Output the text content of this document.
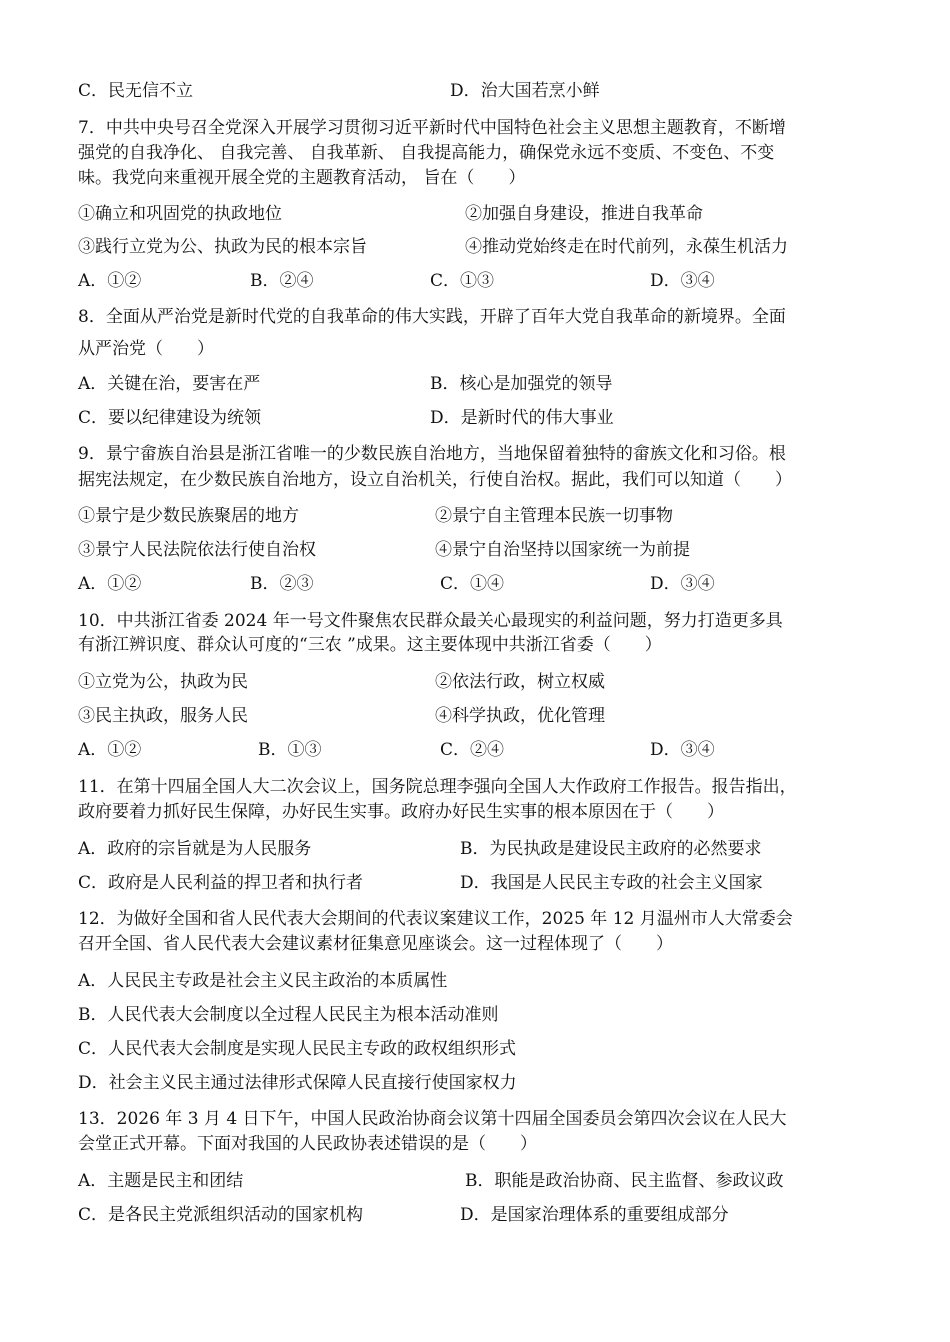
C．民无信不立	D．治大国若烹小鲜
7．中共中央号召全党深入开展学习贯彻习近平新时代中国特色社会主义思想主题教育，不断增
强党的自我净化、 自我完善、 自我革新、 自我提高能力，确保党永远不变质、不变色、不变
味。我党向来重视开展全党的主题教育活动， 旨在（　　）
①确立和巩固党的执政地位	②加强自身建设，推进自我革命
③践行立党为公、执政为民的根本宗旨	④推动党始终走在时代前列，永葆生机活力
A．①②	B．②④	C．①③	D．③④
8．全面从严治党是新时代党的自我革命的伟大实践，开辟了百年大党自我革命的新境界。全面
从严治党（　　）
A．关键在治，要害在严	B．核心是加强党的领导
C．要以纪律建设为统领	D．是新时代的伟大事业
9．景宁畲族自治县是浙江省唯一的少数民族自治地方，当地保留着独特的畲族文化和习俗。根
据宪法规定，在少数民族自治地方，设立自治机关，行使自治权。据此，我们可以知道（　　）
①景宁是少数民族聚居的地方	②景宁自主管理本民族一切事物
③景宁人民法院依法行使自治权	④景宁自治坚持以国家统一为前提
A．①②	B．②③	C．①④	D．③④
10．中共浙江省委 2024 年一号文件聚焦农民群众最关心最现实的利益问题，努力打造更多具
有浙江辨识度、群众认可度的“三农 ”成果。这主要体现中共浙江省委（　　）
①立党为公，执政为民	②依法行政，树立权威
③民主执政，服务人民	④科学执政，优化管理
A．①②	B．①③	C．②④	D．③④
11．在第十四届全国人大二次会议上，国务院总理李强向全国人大作政府工作报告。报告指出，
政府要着力抓好民生保障，办好民生实事。政府办好民生实事的根本原因在于（　　）
A．政府的宗旨就是为人民服务	B．为民执政是建设民主政府的必然要求
C．政府是人民利益的捍卫者和执行者	D．我国是人民民主专政的社会主义国家
12．为做好全国和省人民代表大会期间的代表议案建议工作，2025 年 12 月温州市人大常委会
召开全国、省人民代表大会建议素材征集意见座谈会。这一过程体现了（　　）
A．人民民主专政是社会主义民主政治的本质属性
B．人民代表大会制度以全过程人民民主为根本活动准则
C．人民代表大会制度是实现人民民主专政的政权组织形式
D．社会主义民主通过法律形式保障人民直接行使国家权力
13．2026 年 3 月 4 日下午，中国人民政治协商会议第十四届全国委员会第四次会议在人民大
会堂正式开幕。下面对我国的人民政协表述错误的是（　　）
A．主题是民主和团结	B．职能是政治协商、民主监督、参政议政
C．是各民主党派组织活动的国家机构	D．是国家治理体系的重要组成部分
